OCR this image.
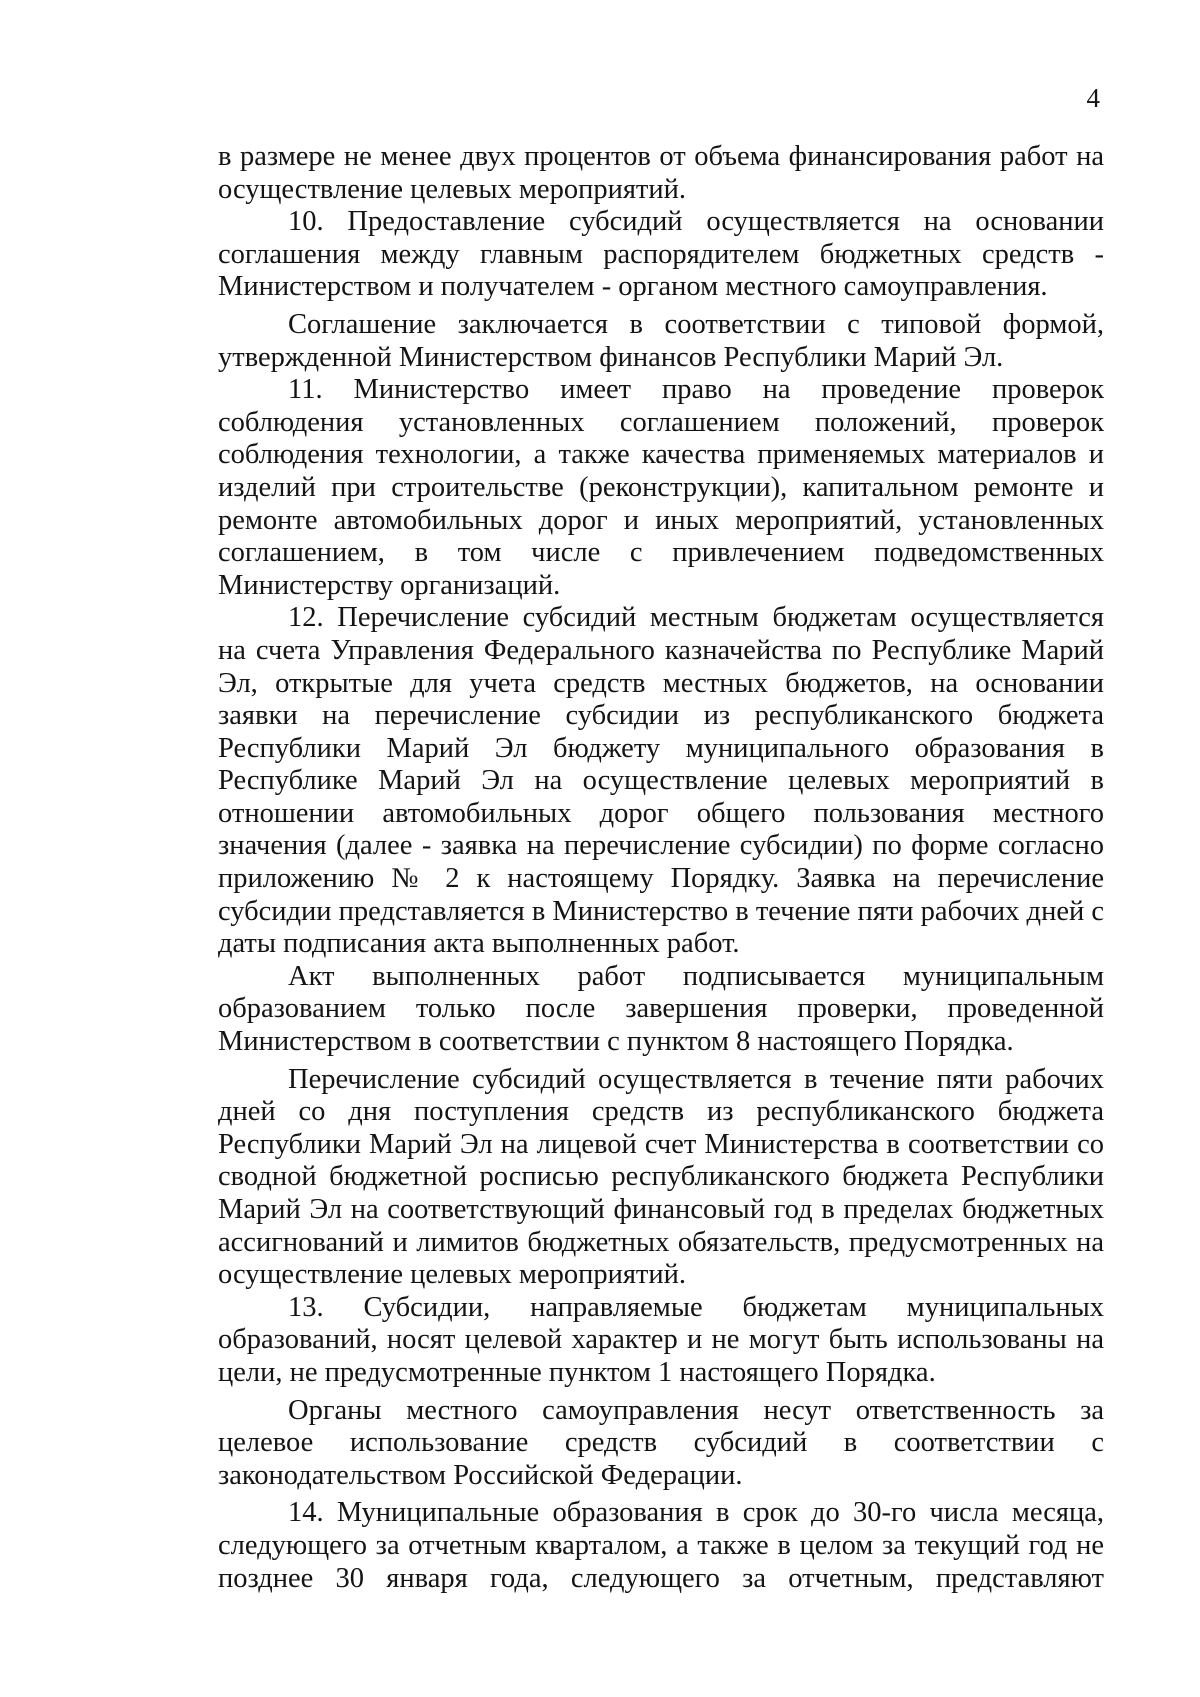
4

в размере не менее двух процентов от объема финансирования работ на осуществление целевых мероприятий.

10. Предоставление субсидий осуществляется на основании соглашения между главным распорядителем бюджетных средств - Министерством и получателем - органом местного самоуправления.

Соглашение заключается в соответствии с типовой формой, утвержденной Министерством финансов Республики Марий Эл.

11. Министерство имеет право на проведение проверок соблюдения установленных соглашением положений, проверок соблюдения технологии, а также качества применяемых материалов и изделий при строительстве (реконструкции), капитальном ремонте и ремонте автомобильных дорог и иных мероприятий, установленных соглашением, в том числе с привлечением подведомственных Министерству организаций.

12. Перечисление субсидий местным бюджетам осуществляется на счета Управления Федерального казначейства по Республике Марий Эл, открытые для учета средств местных бюджетов, на основании заявки на перечисление субсидии из республиканского бюджета Республики Марий Эл бюджету муниципального образования в Республике Марий Эл на осуществление целевых мероприятий в отношении автомобильных дорог общего пользования местного значения (далее - заявка на перечисление субсидии) по форме согласно приложению № 2 к настоящему Порядку. Заявка на перечисление субсидии представляется в Министерство в течение пяти рабочих дней с даты подписания акта выполненных работ.

Акт выполненных работ подписывается муниципальным образованием только после завершения проверки, проведенной Министерством в соответствии с пунктом 8 настоящего Порядка.

Перечисление субсидий осуществляется в течение пяти рабочих дней со дня поступления средств из республиканского бюджета Республики Марий Эл на лицевой счет Министерства в соответствии со сводной бюджетной росписью республиканского бюджета Республики Марий Эл на соответствующий финансовый год в пределах бюджетных ассигнований и лимитов бюджетных обязательств, предусмотренных на осуществление целевых мероприятий.

13. Субсидии, направляемые бюджетам муниципальных образований, носят целевой характер и не могут быть использованы на цели, не предусмотренные пунктом 1 настоящего Порядка.

Органы местного самоуправления несут ответственность за целевое использование средств субсидий в соответствии с законодательством Российской Федерации.

14. Муниципальные образования в срок до 30-го числа месяца, следующего за отчетным кварталом, а также в целом за текущий год не позднее 30 января года, следующего за отчетным, представляют
